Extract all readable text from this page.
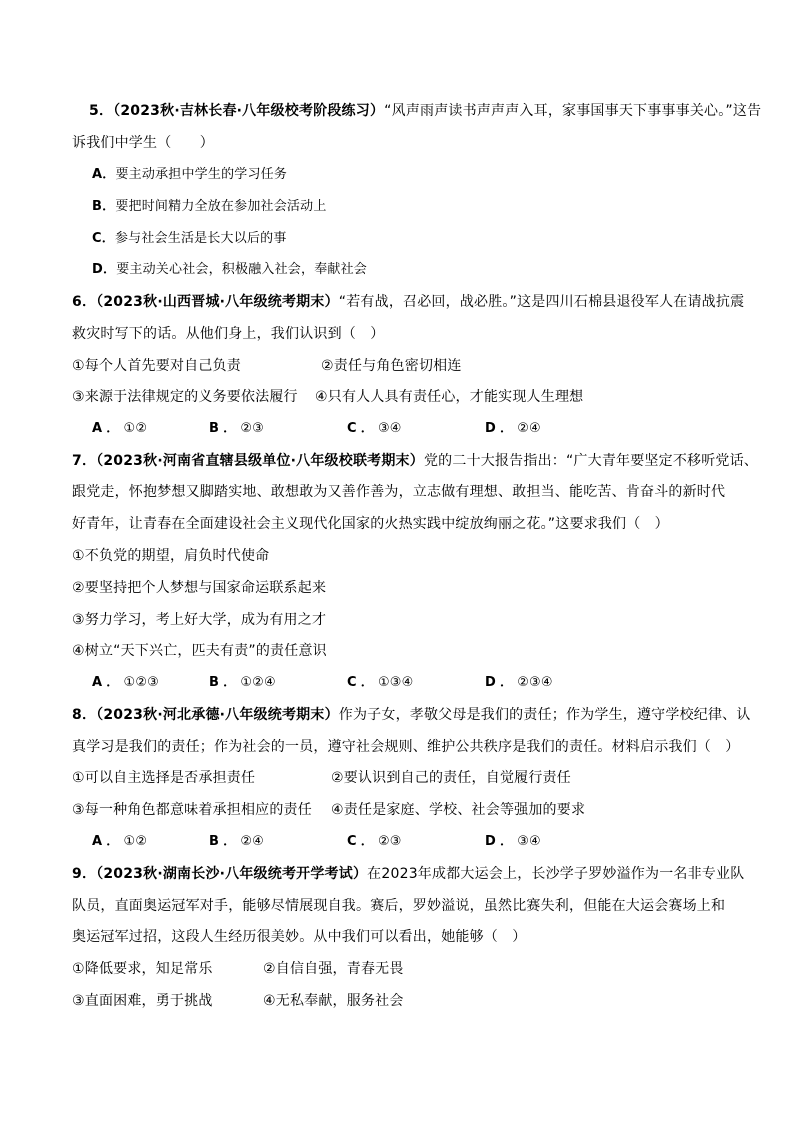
5．（2023秋·吉林长春·八年级校考阶段练习）“风声雨声读书声声声入耳，家事国事天下事事事关心。”这告
诉我们中学生（　　）
A．要主动承担中学生的学习任务
B．要把时间精力全放在参加社会活动上
C．参与社会生活是长大以后的事
D．要主动关心社会，积极融入社会，奉献社会
6．（2023秋·山西晋城·八年级统考期末）“若有战，召必回，战必胜。”这是四川石棉县退役军人在请战抗震
救灾时写下的话。从他们身上，我们认识到（　）
①每个人首先要对自己负责	②责任与角色密切相连
③来源于法律规定的义务要依法履行 ④只有人人具有责任心，才能实现人生理想
A ． ①②	B ． ②③	C ． ③④	D ． ②④
7．（2023秋·河南省直辖县级单位·八年级校联考期末）党的二十大报告指出：“广大青年要坚定不移听党话、
跟党走，怀抱梦想又脚踏实地、敢想敢为又善作善为，立志做有理想、敢担当、能吃苦、肯奋斗的新时代
好青年，让青春在全面建设社会主义现代化国家的火热实践中绽放绚丽之花。”这要求我们（　）
①不负党的期望，肩负时代使命
②要坚持把个人梦想与国家命运联系起来
③努力学习，考上好大学，成为有用之才
④树立“天下兴亡，匹夫有责”的责任意识
A ． ①②③	B ． ①②④	C ． ①③④	D ． ②③④
8．（2023秋·河北承德·八年级统考期末）作为子女，孝敬父母是我们的责任；作为学生，遵守学校纪律、认
真学习是我们的责任；作为社会的一员，遵守社会规则、维护公共秩序是我们的责任。材料启示我们（　）
①可以自主选择是否承担责任	②要认识到自己的责任，自觉履行责任
③每一种角色都意味着承担相应的责任 ④责任是家庭、学校、社会等强加的要求
A ． ①②	B ． ②④	C ． ②③	D ． ③④
9．（2023秋·湖南长沙·八年级统考开学考试）在2023年成都大运会上，长沙学子罗妙溢作为一名非专业队
队员，直面奥运冠军对手，能够尽情展现自我。赛后，罗妙溢说，虽然比赛失利，但能在大运会赛场上和
奥运冠军过招，这段人生经历很美妙。从中我们可以看出，她能够（　）
①降低要求，知足常乐	②自信自强，青春无畏
③直面困难，勇于挑战	④无私奉献，服务社会
